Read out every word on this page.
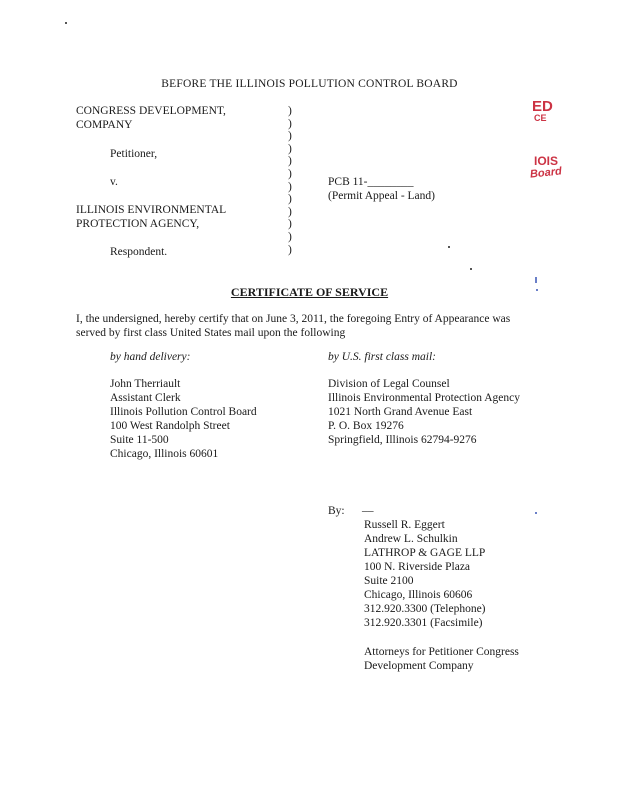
BEFORE THE ILLINOIS POLLUTION CONTROL BOARD
CONGRESS DEVELOPMENT,
COMPANY
Petitioner,
v.
ILLINOIS ENVIRONMENTAL
PROTECTION AGENCY,
Respondent.
)
)
)
)
)
)
)
)
)
)
)
)
PCB 11-________
(Permit Appeal - Land)
ED
CE
IOIS
Board
CERTIFICATE OF SERVICE
I, the undersigned, hereby certify that on June 3, 2011, the foregoing Entry of Appearance was
served by first class United States mail upon the following
by hand delivery:	by U.S. first class mail:
John Therriault
Assistant Clerk
Illinois Pollution Control Board
100 West Randolph Street
Suite 11-500
Chicago, Illinois 60601
Division of Legal Counsel
Illinois Environmental Protection Agency
1021 North Grand Avenue East
P. O. Box 19276
Springfield, Illinois 62794-9276
By: __
Russell R. Eggert
Andrew L. Schulkin
LATHROP & GAGE LLP
100 N. Riverside Plaza
Suite 2100
Chicago, Illinois 60606
312.920.3300 (Telephone)
312.920.3301 (Facsimile)
Attorneys for Petitioner Congress
Development Company
